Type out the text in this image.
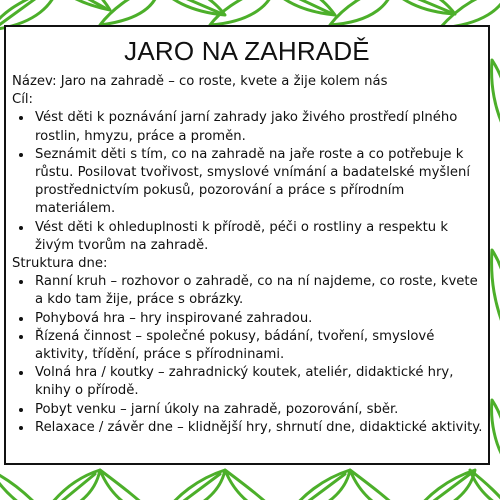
JARO NA ZAHRADĚ

Název: Jaro na zahradě – co roste, kvete a žije kolem nás

Cíl:

• Vést děti k poznávání jarní zahrady jako živého prostředí plného rostlin, hmyzu, práce a proměn.
• Seznámit děti s tím, co na zahradě na jaře roste a co potřebuje k růstu. Posilovat tvořivost, smyslové vnímání a badatelské myšlení prostřednictvím pokusů, pozorování a práce s přírodním materiálem.
• Vést děti k ohleduplnosti k přírodě, péči o rostliny a respektu k živým tvorům na zahradě.

Struktura dne:

• Ranní kruh – rozhovor o zahradě, co na ní najdeme, co roste, kvete a kdo tam žije, práce s obrázky.
• Pohybová hra – hry inspirované zahradou.
• Řízená činnost – společné pokusy, bádání, tvoření, smyslové aktivity, třídění, práce s přírodninami.
• Volná hra / koutky – zahradnický koutek, ateliér, didaktické hry, knihy o přírodě.
• Pobyt venku – jarní úkoly na zahradě, pozorování, sběr.
• Relaxace / závěr dne – klidnější hry, shrnutí dne, didaktické aktivity.
